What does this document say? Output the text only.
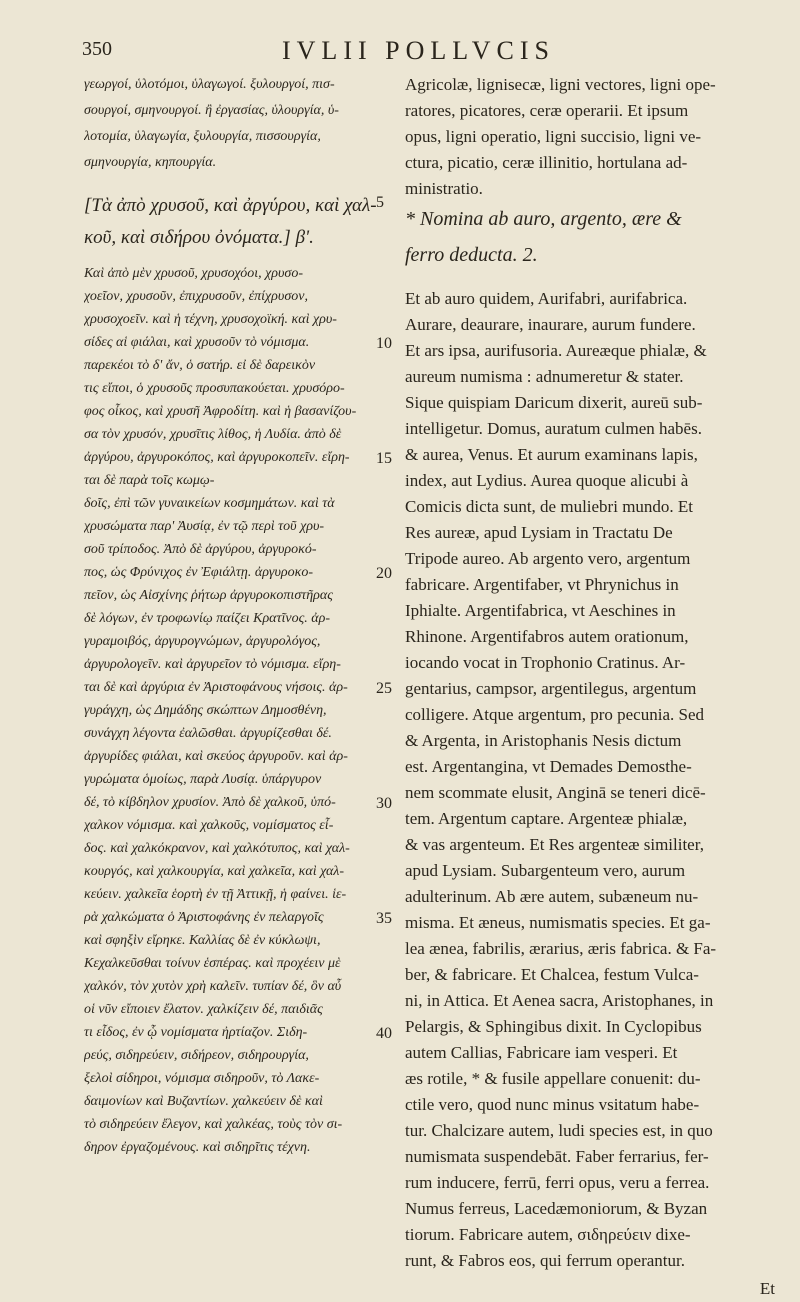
350	IVLII POLLVCIS
γεωργοί, ὑλοτόμοι, ὑλαγωγοί. ξυλουργοί, πισ-
σουργοί, σμηνουργοί. ἢ ἐργασίας, ὑλουργία, ὑ-
λοτομία, ὑλαγωγία, ξυλουργία, πισσουργία,
σμηνουργία, κηπουργία.
[Τὰ ἀπὸ χρυσοῦ, καὶ ἀργύρου, καὶ χαλ-
κοῦ, καὶ σιδήρου ὀνόματα.] β'.
Καὶ ἀπὸ μὲν χρυσοῦ, χρυσοχόοι, χρυσο-
χοεῖον, χρυσοῦν, ἐπιχρυσοῦν, ἐπίχρυσον,
χρυσοχοεῖν. καὶ ἡ τέχνη, χρυσοχοϊκή. καὶ χρυ-
σίδες αἱ φιάλαι, καὶ χρυσοῦν τὸ νόμισμα.
παρεκέοι τὸ δ' ἄν, ὁ σατήρ. εἰ δὲ δαρεικὸν
τις εἴποι, ὁ χρυσοῦς προσυπακούεται. χρυσόρο-
φος οἶκος, καὶ χρυσῆ Ἀφροδίτη. καὶ ἡ βασανίζου-
σα τὸν χρυσόν, χρυσῖτις λίθος, ἡ Λυδία. ἀπὸ δὲ
ἀργύρου, ἀργυροκόπος, καὶ ἀργυροκοπεῖν. εἴρη-
ται δὲ παρὰ τοῖς κωμῳ-
δοῖς, ἐπὶ τῶν γυναικείων κοσμημάτων. καὶ τὰ
χρυσώματα παρ' Ἀυσίᾳ, ἐν τῷ περὶ τοῦ χρυ-
σοῦ τρίποδος. Ἀπὸ δὲ ἀργύρου, ἀργυροκό-
πος, ὡς Φρύνιχος ἐν Ἐφιάλτῃ. ἀργυροκο-
πεῖον, ὡς Αἰσχίνης ῥήτωρ ἀργυροκοπιστῆρας
δὲ λόγων, ἐν τροφωνίῳ παίζει Κρατῖνος. ἀρ-
γυραμοιβός, ἀργυρογνώμων, ἀργυρολόγος,
ἀργυρολογεῖν. καὶ ἀργυρεῖον τὸ νόμισμα. εἴρη-
ται δὲ καὶ ἀργύρια ἐν Ἀριστοφάνους νήσοις. ἀρ-
γυράγχη, ὡς Δημάδης σκώπτων Δημοσθένη,
συνάγχη λέγοντα ἐαλῶσθαι. ἀργυρίζεσθαι δέ.
ἀργυρίδες φιάλαι, καὶ σκεύος ἀργυροῦν. καὶ ἀρ-
γυρώματα ὁμοίως, παρὰ Λυσίᾳ. ὑπάργυρον
δέ, τὸ κίβδηλον χρυσίον. Ἀπὸ δὲ χαλκοῦ, ὑπό-
χαλκον νόμισμα. καὶ χαλκοῦς, νομίσματος εἶ-
δος. καὶ χαλκόκρανον, καὶ χαλκότυπος, καὶ χαλ-
κουργός, καὶ χαλκουργία, καὶ χαλκεῖα, καὶ χαλ-
κεύειν. χαλκεῖα ἑορτὴ ἐν τῇ Ἀττικῇ, ἡ φαίνει. ἱε-
ρὰ χαλκώματα ὁ Ἀριστοφάνης ἐν πελαργοῖς
καὶ σφηξὶν εἴρηκε. Καλλίας δὲ ἐν κύκλωψι,
Κεχαλκεῦσθαι τοίνυν ἑσπέρας. καὶ προχέειν μὲ
χαλκόν, τὸν χυτὸν χρὴ καλεῖν. τυπίαν δέ, ὃν αὖ
οἱ νῦν εἴποιεν ἔλατον. χαλκίζειν δέ, παιδιᾶς
τι εἶδος, ἐν ᾧ νομίσματα ἠρτίαζον. Σιδη-
ρεύς, σιδηρεύειν, σιδήρεον, σιδηρουργία,
ξελοὶ σίδηροι, νόμισμα σιδηροῦν, τὸ Λακε-
δαιμονίων καὶ Βυζαντίων. χαλκεύειν δὲ καὶ
τὸ σιδηρεύειν ἔλεγον, καὶ χαλκέας, τοὺς τὸν σι-
δηρον ἐργαζομένους. καὶ σιδηρῖτις τέχνη.
5
10
15
20
25
30
35
40
Agricolæ, lignisecæ, ligni vectores, ligni ope-
ratores, picatores, ceræ operarii. Et ipsum
opus, ligni operatio, ligni succisio, ligni ve-
ctura, picatio, ceræ illinitio, hortulana ad-
ministratio.
* Nomina ab auro, argento, ære &
ferro deducta. 2.
Et ab auro quidem, Aurifabri, aurifabrica.
Aurare, deaurare, inaurare, aurum fundere.
Et ars ipsa, aurifusoria. Aureæque phialæ, &
aureum numisma : adnumeretur & stater.
Sique quispiam Daricum dixerit, aureū sub-
intelligetur. Domus, auratum culmen habēs.
& aurea, Venus. Et aurum examinans lapis,
index, aut Lydius. Aurea quoque alicubi à
Comicis dicta sunt, de muliebri mundo. Et
Res aureæ, apud Lysiam in Tractatu De
Tripode aureo. Ab argento vero, argentum
fabricare. Argentifaber, vt Phrynichus in
Iphialte. Argentifabrica, vt Aeschines in
Rhinone. Argentifabros autem orationum,
iocando vocat in Trophonio Cratinus. Ar-
gentarius, campsor, argentilegus, argentum
colligere. Atque argentum, pro pecunia. Sed
& Argenta, in Aristophanis Nesis dictum
est. Argentangina, vt Demades Demosthe-
nem scommate elusit, Anginā se teneri dicē-
tem. Argentum captare. Argenteæ phialæ,
& vas argenteum. Et Res argenteæ similiter,
apud Lysiam. Subargenteum vero, aurum
adulterinum. Ab ære autem, subæneum nu-
misma. Et æneus, numismatis species. Et ga-
lea ænea, fabrilis, ærarius, æris fabrica. & Fa-
ber, & fabricare. Et Chalcea, festum Vulca-
ni, in Attica. Et Aenea sacra, Aristophanes, in
Pelargis, & Sphingibus dixit. In Cyclopibus
autem Callias, Fabricare iam vesperi. Et
æs rotile, * & fusile appellare conuenit: du-
ctile vero, quod nunc minus vsitatum habe-
tur. Chalcizare autem, ludi species est, in quo
numismata suspendebāt. Faber ferrarius, fer-
rum inducere, ferrū, ferri opus, veru a ferrea.
Numus ferreus, Lacedæmoniorum, & Byzan
tiorum. Fabricare autem, σιδηρεύειν dixe-
runt, & Fabros eos, qui ferrum operantur.
Et
